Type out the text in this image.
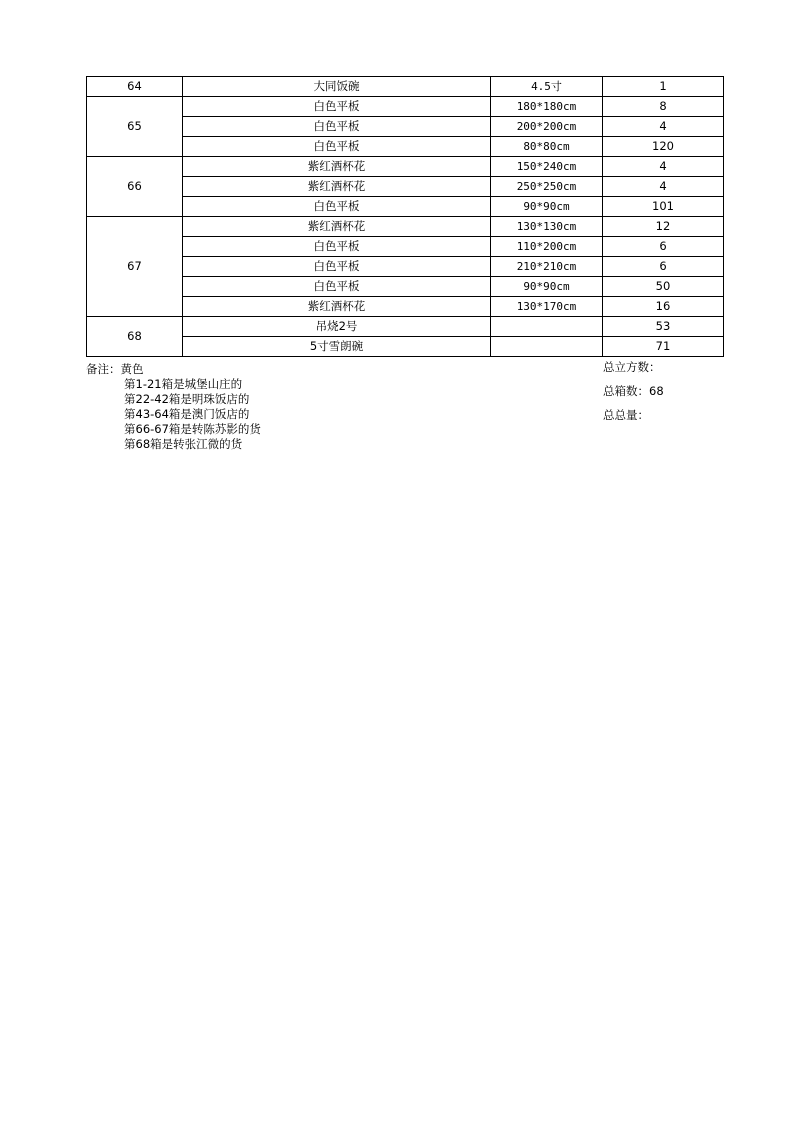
64	大同饭碗	4.5寸	1
65	白色平板	180*180cm	8
	白色平板	200*200cm	4
	白色平板	80*80cm	120
66	紫红酒杯花	150*240cm	4
	紫红酒杯花	250*250cm	4
	白色平板	90*90cm	101
67	紫红酒杯花	130*130cm	12
	白色平板	110*200cm	6
	白色平板	210*210cm	6
	白色平板	90*90cm	50
	紫红酒杯花	130*170cm	16
68	吊烧2号		53
	5寸雪朗碗		71
备注：黄色
第1-21箱是城堡山庄的
第22-42箱是明珠饭店的
第43-64箱是澳门饭店的
第66-67箱是转陈苏影的货
第68箱是转张江微的货
总立方数：
总箱数：68
总总量：
